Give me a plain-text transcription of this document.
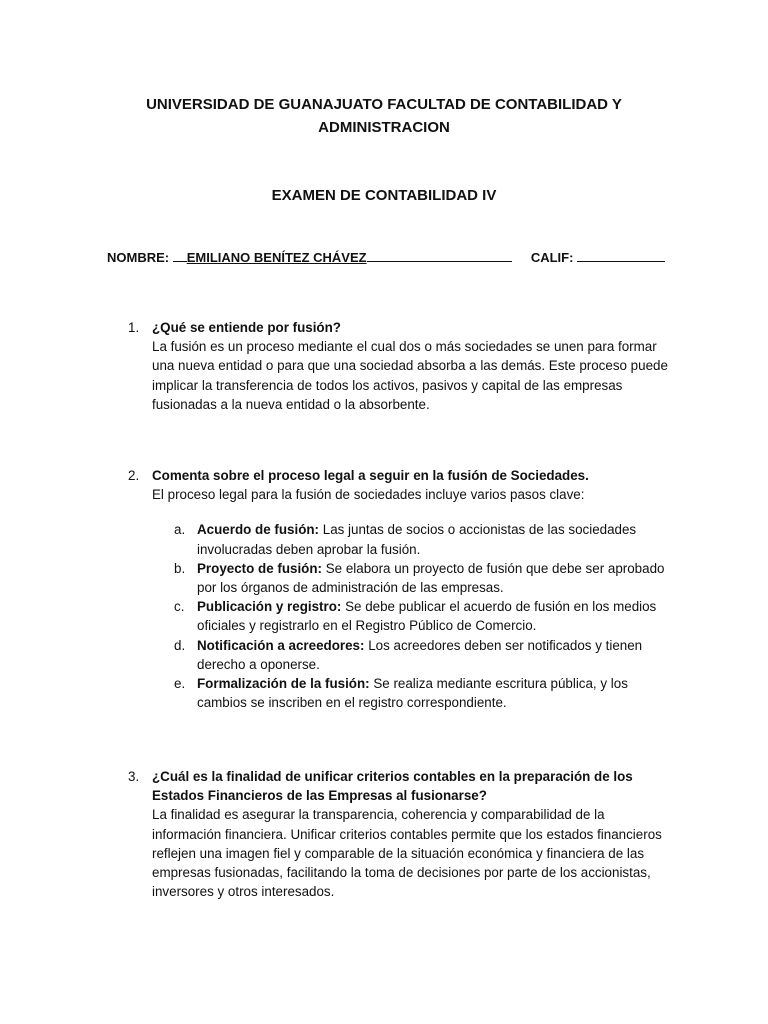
UNIVERSIDAD DE GUANAJUATO FACULTAD DE CONTABILIDAD Y ADMINISTRACION
EXAMEN DE CONTABILIDAD IV
NOMBRE: EMILIANO BENÍTEZ CHÁVEZ	CALIF:
1. ¿Qué se entiende por fusión?
La fusión es un proceso mediante el cual dos o más sociedades se unen para formar una nueva entidad o para que una sociedad absorba a las demás. Este proceso puede implicar la transferencia de todos los activos, pasivos y capital de las empresas fusionadas a la nueva entidad o la absorbente.
2. Comenta sobre el proceso legal a seguir en la fusión de Sociedades.
El proceso legal para la fusión de sociedades incluye varios pasos clave:
a. Acuerdo de fusión: Las juntas de socios o accionistas de las sociedades involucradas deben aprobar la fusión.
b. Proyecto de fusión: Se elabora un proyecto de fusión que debe ser aprobado por los órganos de administración de las empresas.
c. Publicación y registro: Se debe publicar el acuerdo de fusión en los medios oficiales y registrarlo en el Registro Público de Comercio.
d. Notificación a acreedores: Los acreedores deben ser notificados y tienen derecho a oponerse.
e. Formalización de la fusión: Se realiza mediante escritura pública, y los cambios se inscriben en el registro correspondiente.
3. ¿Cuál es la finalidad de unificar criterios contables en la preparación de los Estados Financieros de las Empresas al fusionarse?
La finalidad es asegurar la transparencia, coherencia y comparabilidad de la información financiera. Unificar criterios contables permite que los estados financieros reflejen una imagen fiel y comparable de la situación económica y financiera de las empresas fusionadas, facilitando la toma de decisiones por parte de los accionistas, inversores y otros interesados.
